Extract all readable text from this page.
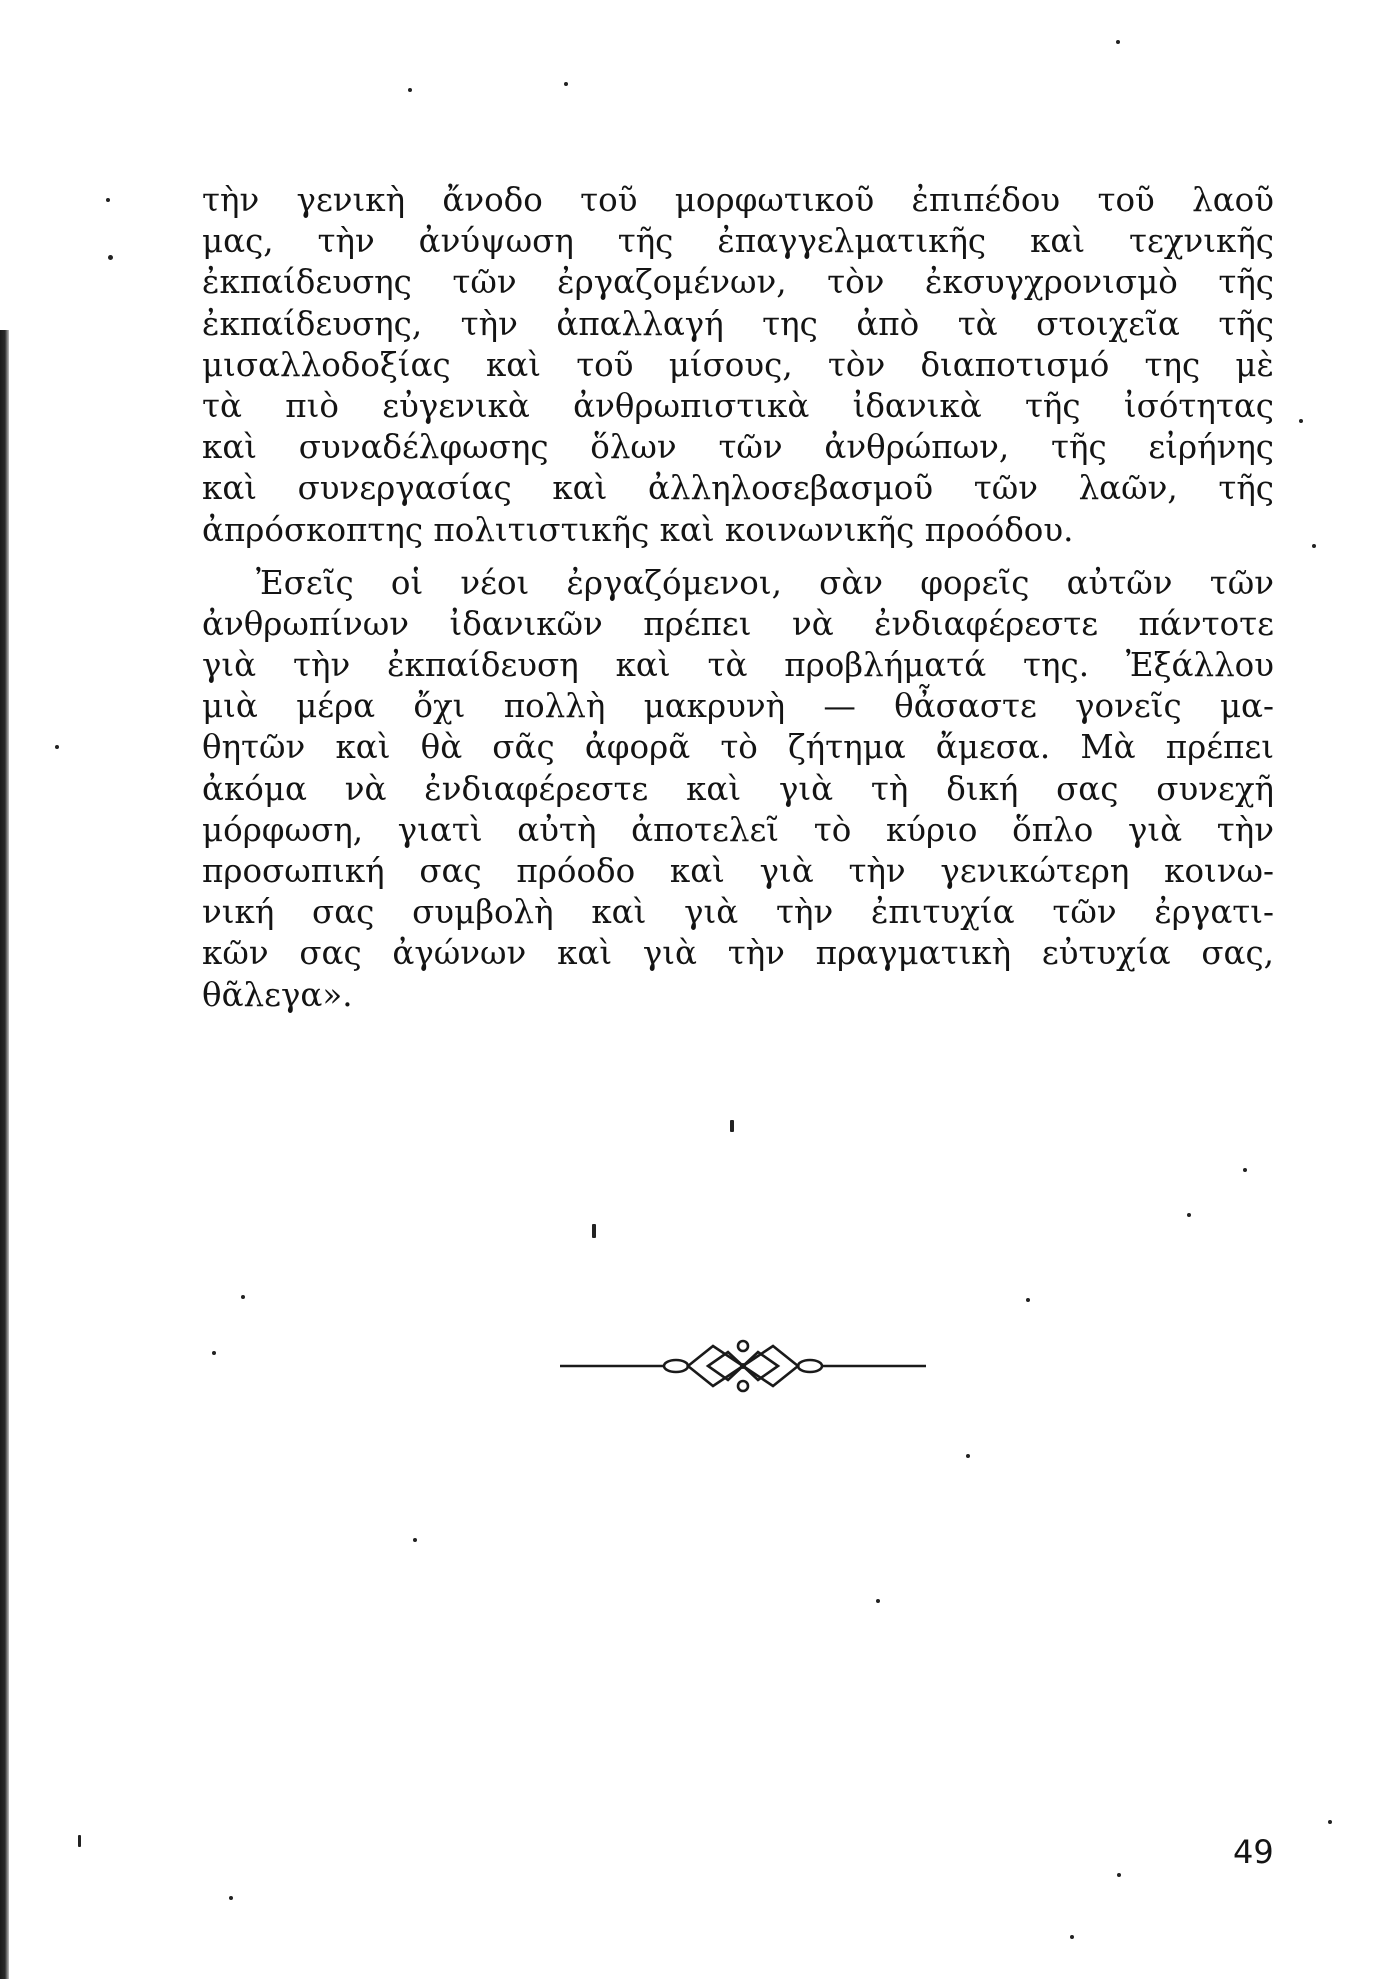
τὴν γενικὴ ἄνοδο τοῦ μορφωτικοῦ ἐπιπέδου τοῦ λαοῦ
μας, τὴν ἀνύψωση τῆς ἐπαγγελματικῆς καὶ τεχνικῆς
ἐκπαίδευσης τῶν ἐργαζομένων, τὸν ἐκσυγχρονισμὸ τῆς
ἐκπαίδευσης, τὴν ἀπαλλαγή της ἀπὸ τὰ στοιχεῖα τῆς
μισαλλοδοξίας καὶ τοῦ μίσους, τὸν διαποτισμό της μὲ
τὰ πιὸ εὐγενικὰ ἀνθρωπιστικὰ ἰδανικὰ τῆς ἰσότητας
καὶ συναδέλφωσης ὅλων τῶν ἀνθρώπων, τῆς εἰρήνης
καὶ συνεργασίας καὶ ἀλληλοσεβασμοῦ τῶν λαῶν, τῆς
ἀπρόσκοπτης πολιτιστικῆς καὶ κοινωνικῆς προόδου.
Ἐσεῖς οἱ νέοι ἐργαζόμενοι, σὰν φορεῖς αὐτῶν τῶν
ἀνθρωπίνων ἰδανικῶν πρέπει νὰ ἐνδιαφέρεστε πάντοτε
γιὰ τὴν ἐκπαίδευση καὶ τὰ προβλήματά της. Ἐξάλλου
μιὰ μέρα ὄχι πολλὴ μακρυνὴ — θἆσαστε γονεῖς μα-
θητῶν καὶ θὰ σᾶς ἀφορᾶ τὸ ζήτημα ἄμεσα. Μὰ πρέπει
ἀκόμα νὰ ἐνδιαφέρεστε καὶ γιὰ τὴ δική σας συνεχῆ
μόρφωση, γιατὶ αὐτὴ ἀποτελεῖ τὸ κύριο ὅπλο γιὰ τὴν
προσωπική σας πρόοδο καὶ γιὰ τὴν γενικώτερη κοινω-
νική σας συμβολὴ καὶ γιὰ τὴν ἐπιτυχία τῶν ἐργατι-
κῶν σας ἀγώνων καὶ γιὰ τὴν πραγματικὴ εὐτυχία σας,
θᾶλεγα».
49
